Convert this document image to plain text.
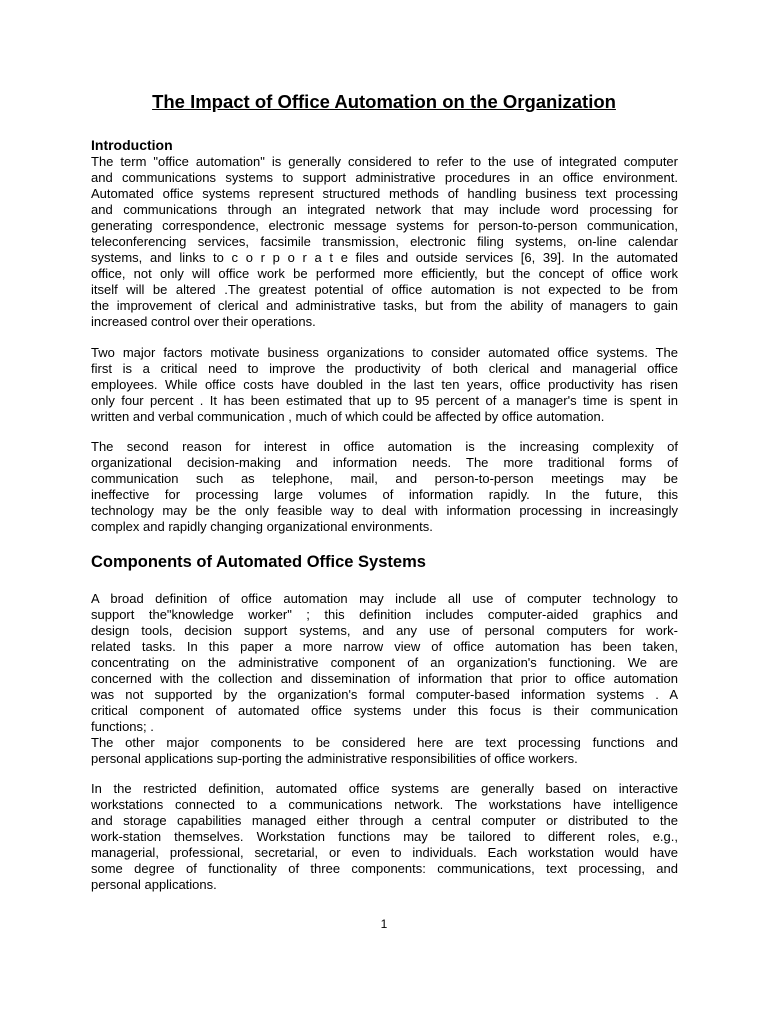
The Impact of Office Automation on the Organization
Introduction

The term "office automation" is generally considered to refer to the use of integrated computer
and communications systems to support administrative procedures in an office environment.
Automated office systems represent structured methods of handling business text processing
and communications through an integrated network that may include word processing for
generating correspondence, electronic message systems for person-to-person communication,
teleconferencing services, facsimile transmission, electronic filing systems, on-line calendar
systems, and links to c o r p o r a t e files and outside services [6, 39]. In the automated
office, not only will office work be performed more efficiently, but the concept of office work
itself will be altered .The greatest potential of office automation is not expected to be from
the improvement of clerical and administrative tasks, but from the ability of managers to gain
increased control over their operations.

Two major factors motivate business organizations to consider automated office systems. The
first is a critical need to improve the productivity of both clerical and managerial office
employees. While office costs have doubled in the last ten years, office productivity has risen
only four percent . It has been estimated that up to 95 percent of a manager's time is spent in
written and verbal communication , much of which could be affected by office automation.

The second reason for interest in office automation is the increasing complexity of
organizational decision-making and information needs. The more traditional forms of
communication such as telephone, mail, and person-to-person meetings may be
ineffective for processing large volumes of information rapidly. In the future, this
technology may be the only feasible way to deal with information processing in increasingly
complex and rapidly changing organizational environments.

Components of Automated Office Systems

A broad definition of office automation may include all use of computer technology to
support the"knowledge worker" ; this definition includes computer-aided graphics and
design tools, decision support systems, and any use of personal computers for work-
related tasks. In this paper a more narrow view of office automation has been taken,
concentrating on the administrative component of an organization's functioning. We are
concerned with the collection and dissemination of information that prior to office automation
was not supported by the organization's formal computer-based information systems . A
critical component of automated office systems under this focus is their communication
functions; .

The other major components to be considered here are text processing functions and
personal applications sup-porting the administrative responsibilities of office workers.

In the restricted definition, automated office systems are generally based on interactive
workstations connected to a communications network. The workstations have intelligence
and storage capabilities managed either through a central computer or distributed to the
work-station themselves. Workstation functions may be tailored to different roles, e.g.,
managerial, professional, secretarial, or even to individuals. Each workstation would have
some degree of functionality of three components: communications, text processing, and
personal applications.

1
